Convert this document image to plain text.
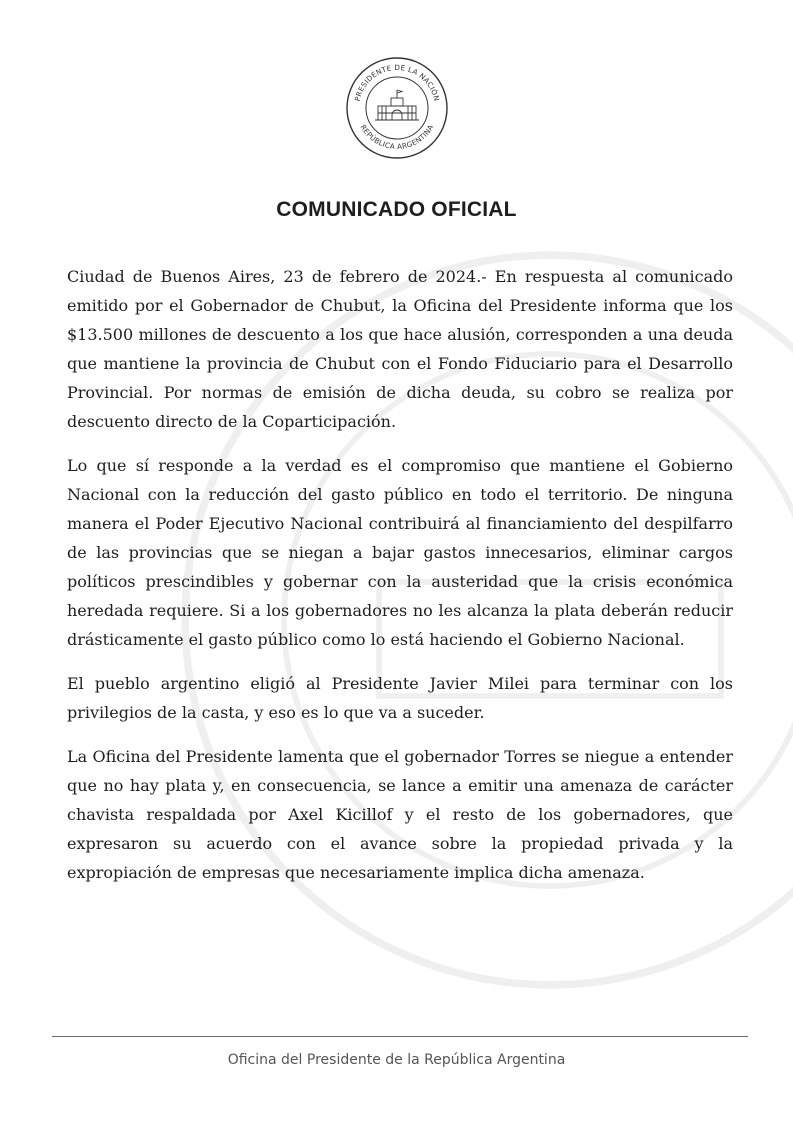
PRESIDENTE DE LA NACIÓN
REPÚBLICA ARGENTINA
COMUNICADO OFICIAL

Ciudad de Buenos Aires, 23 de febrero de 2024.- En respuesta al comunicado emitido por el Gobernador de Chubut, la Oficina del Presidente informa que los $13.500 millones de descuento a los que hace alusión, corresponden a una deuda que mantiene la provincia de Chubut con el Fondo Fiduciario para el Desarrollo Provincial. Por normas de emisión de dicha deuda, su cobro se realiza por descuento directo de la Coparticipación.

Lo que sí responde a la verdad es el compromiso que mantiene el Gobierno Nacional con la reducción del gasto público en todo el territorio. De ninguna manera el Poder Ejecutivo Nacional contribuirá al financiamiento del despilfarro de las provincias que se niegan a bajar gastos innecesarios, eliminar cargos políticos prescindibles y gobernar con la austeridad que la crisis económica heredada requiere. Si a los gobernadores no les alcanza la plata deberán reducir drásticamente el gasto público como lo está haciendo el Gobierno Nacional.

El pueblo argentino eligió al Presidente Javier Milei para terminar con los privilegios de la casta, y eso es lo que va a suceder.

La Oficina del Presidente lamenta que el gobernador Torres se niegue a entender que no hay plata y, en consecuencia, se lance a emitir una amenaza de carácter chavista respaldada por Axel Kicillof y el resto de los gobernadores, que expresaron su acuerdo con el avance sobre la propiedad privada y la expropiación de empresas que necesariamente implica dicha amenaza.

Oficina del Presidente de la República Argentina
